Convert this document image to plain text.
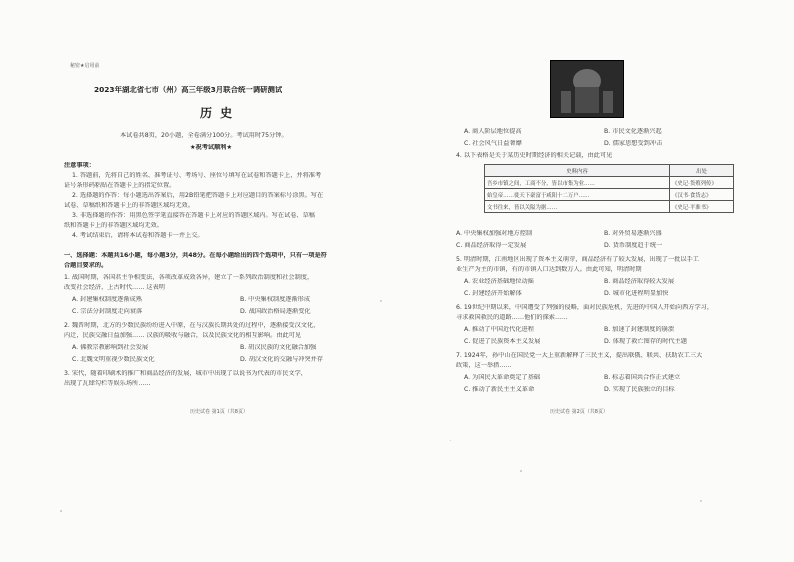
秘密★启用前
2023年湖北省七市（州）高三年级3月联合统一调研测试
历 史
本试卷共8页，20小题，全卷满分100分。考试用时75分钟。
★祝考试顺利★
注意事项：
1. 答题前，先将自己的姓名、准考证号、考场号、座位号填写在试卷和答题卡上，并将准考
证号条形码粘贴在答题卡上的指定位置。
2. 选择题的作答：每小题选出答案后，用2B铅笔把答题卡上对应题目的答案标号涂黑。写在
试卷、草稿纸和答题卡上的非答题区域均无效。
3. 非选择题的作答：用黑色签字笔直接答在答题卡上对应的答题区域内。写在试卷、草稿
纸和答题卡上的非答题区域均无效。
4. 考试结束后，请将本试卷和答题卡一并上交。
一、选择题：本题共16小题，每小题3分，共48分。在每小题给出的四个选项中，只有一项是符
合题目要求的。
1. 战国时期，各国君主争相变法，各项改革成效各异，建立了一系列政治制度和社会制度，
改变社会经济，上古时代…… 这表明
A. 封建集权制度逐渐成熟	B. 中央集权制度逐渐形成
C. 宗法分封制度走向衰落	D. 战国政治格局逐渐变化
2. 魏晋时期，北方的少数民族纷纷进入中原，在与汉族长期共处的过程中，逐渐接受汉文化，
内迁，民族交融日益加强…… 汉族的吸收与融合，以及民族文化的相互影响。由此可见
A. 佛教宗教影响到社会发展	B. 胡汉民族的文化融合加强
C. 北魏文明重视少数民族文化	D. 胡汉文化的交融与冲突并存
3. 宋代，随着印刷术的推广和商品经济的发展，城市中出现了以说书为代表的市民文学，
出现了瓦肆勾栏等娱乐场所……
历史试卷 第1页（共8页）
A. 商人阶层地位提高	B. 市民文化逐渐兴起
C. 社会风气日益奢靡	D. 儒家思想受到冲击
4. 以下表格是关于某历史时期经济的相关记载，由此可见
史料内容	出处
吾乡市镇之间，工商不分，皆以市集为业……	《史记·货殖列传》
始皇帝……徙天下豪富于咸阳十二万户……	《汉书·食货志》
文书往来，皆以关隘为据……	《史记·平准书》
A. 中央集权加强对地方控制	B. 对外贸易逐渐兴盛
C. 商品经济取得一定发展	D. 货币制度趋于统一
5. 明清时期，江南地区出现了资本主义萌芽，商品经济有了较大发展，出现了一批以手工
业生产为主的市镇，有的市镇人口达到数万人。由此可知，明清时期
A. 农业经济基础地位动摇	B. 商品经济取得较大发展
C. 封建经济开始解体	D. 城市化进程明显加快
6. 19世纪中期以来，中国遭受了列强的侵略，面对民族危机，先进的中国人开始向西方学习，
寻求救国救民的道路……他们的探索……
A. 推动了中国近代化进程	B. 加速了封建制度的崩溃
C. 促进了民族资本主义发展	D. 体现了救亡图存的时代主题
7. 1924年，孙中山在国民党一大上重新解释了三民主义，提出联俄、联共、扶助农工三大
政策，这一举措……
A. 为国民大革命奠定了基础	B. 标志着国共合作正式建立
C. 推动了新民主主义革命	D. 实现了民族独立的目标
历史试卷 第2页（共8页）
